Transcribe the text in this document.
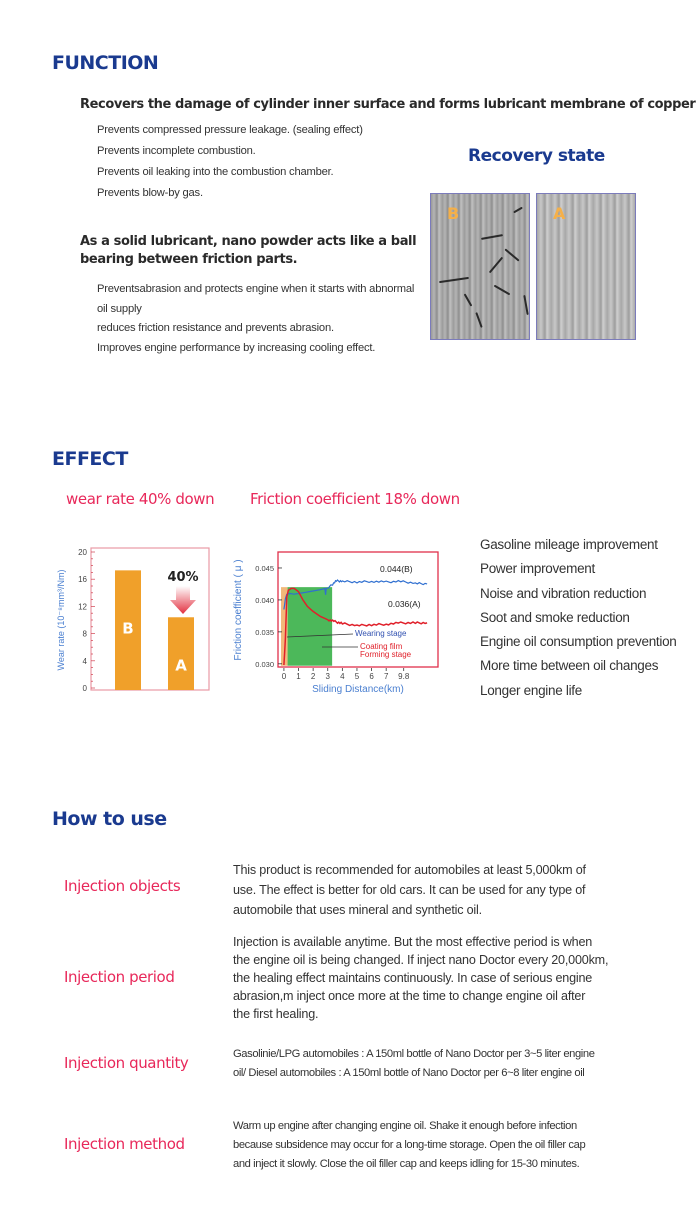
FUNCTION
Recovers the damage of cylinder inner surface and forms lubricant membrane of copper
Prevents compressed pressure leakage. (sealing effect)
Prevents incomplete combustion.
Prevents oil leaking into the combustion chamber.
Prevents blow-by gas.
As a solid lubricant, nano powder acts like a ball bearing between friction parts.
Preventsabrasion and protects engine when it starts with abnormal oil supply
reduces friction resistance and prevents abrasion.
Improves engine performance by increasing cooling effect.
Recovery state
B	A
EFFECT
wear rate 40% down Friction coefficient 18% down
0
4
8
12
16
20
B
A
Wear rate (10⁻⁸mm³/Nm)	40%
0.030
0.035
0.040
0.045
0 1 2 3 4 5 6 7 9.8
Friction coefficient ( μ )
Sliding Distance(km)
0.044(B)
0.036(A)
Wearing stage
Coating film
Forming stage
Gasoline mileage improvement
Power improvement
Noise and vibration reduction
Soot and smoke reduction
Engine oil consumption prevention
More time between oil changes
Longer engine life
How to use
Injection objects
This product is recommended for automobiles at least 5,000km of
use. The effect is better for old cars. It can be used for any type of
automobile that uses mineral and synthetic oil.
Injection period
Injection is available anytime. But the most effective period is when
the engine oil is being changed. If inject nano Doctor every 20,000km,
the healing effect maintains continuously. In case of serious engine
abrasion,m inject once more at the time to change engine oil after
the first healing.
Injection quantity	Gasolinie/LPG automobiles : A 150ml bottle of Nano Doctor per 3~5 liter engine
oil/ Diesel automobiles : A 150ml bottle of Nano Doctor per 6~8 liter engine oil
Injection method
Warm up engine after changing engine oil. Shake it enough before infection
because subsidence may occur for a long-time storage. Open the oil filler cap
and inject it slowly. Close the oil filler cap and keeps idling for 15-30 minutes.
